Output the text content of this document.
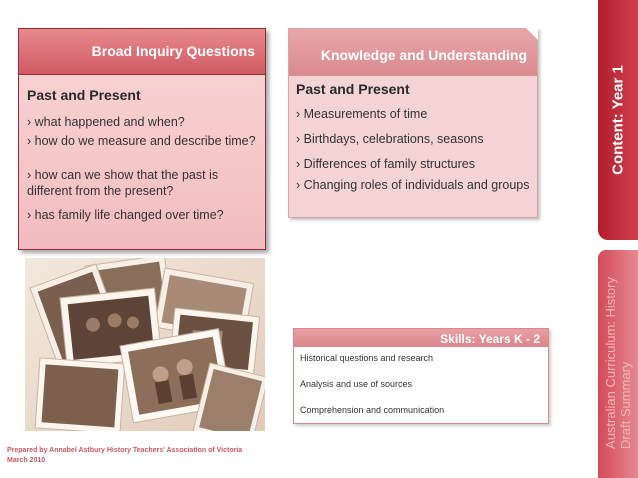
Broad Inquiry Questions
Past and Present
› what happened and when?
› how do we measure and describe time?
› how can we show that the past is different from the present?
› has family life changed over time?
Knowledge and Understanding
Past and Present
› Measurements of time
› Birthdays, celebrations, seasons
› Differences of family structures
› Changing roles of individuals and groups
Skills: Years K - 2
Historical questions and research
Analysis and use of sources
Comprehension and communication
Content: Year 1
Australian Curriculum: History Draft Summary
Prepared by Annabel Astbury History Teachers' Association of Victoria
March 2010
